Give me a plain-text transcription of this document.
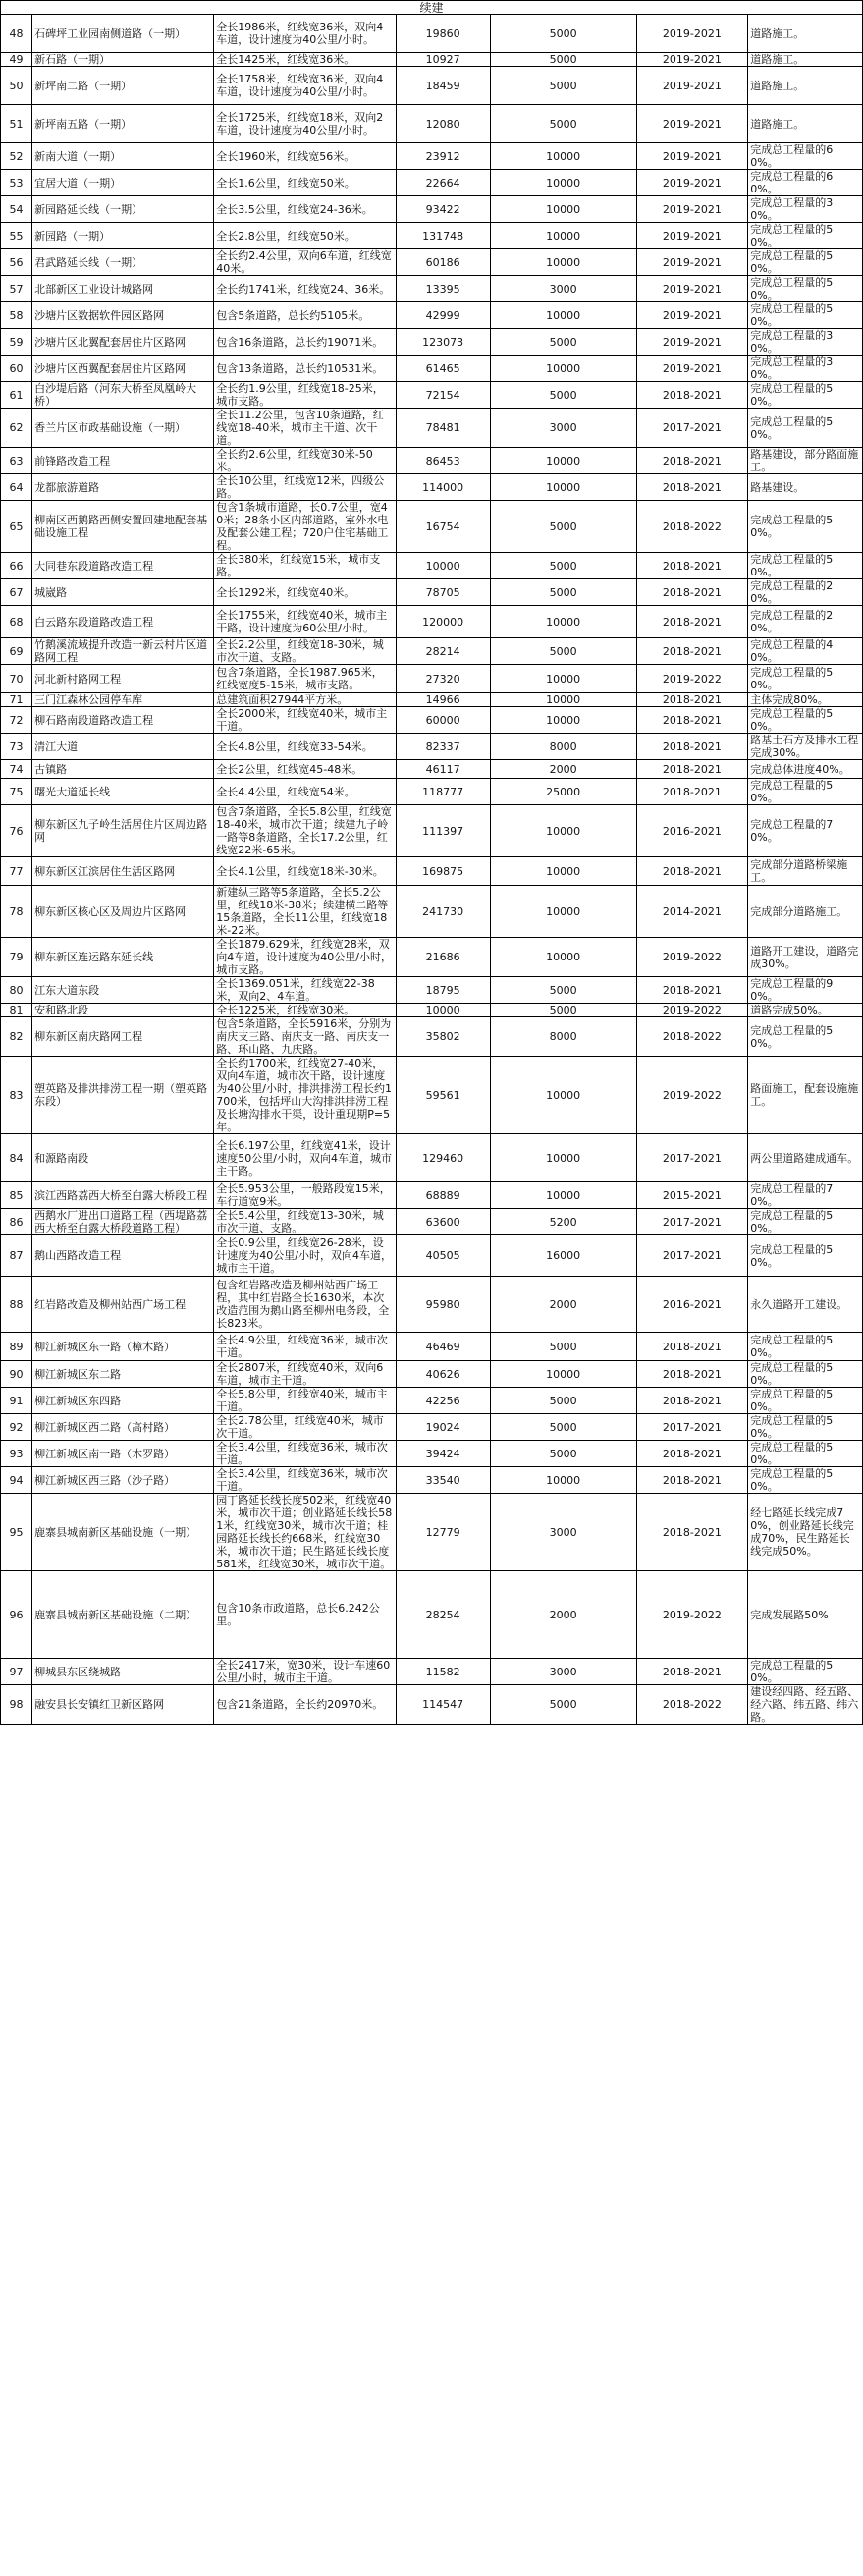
续建
48	石碑坪工业园南侧道路（一期）	全长1986米，红线宽36米，双向4车道，设计速度为40公里/小时。	19860	5000	2019-2021	道路施工。
49	新石路（一期）	全长1425米，红线宽36米。	10927	5000	2019-2021	道路施工。
50	新坪南二路（一期）	全长1758米，红线宽36米，双向4车道，设计速度为40公里/小时。	18459	5000	2019-2021	道路施工。
51	新坪南五路（一期）	全长1725米，红线宽18米，双向2车道，设计速度为40公里/小时。	12080	5000	2019-2021	道路施工。
52	新南大道（一期）	全长1960米，红线宽56米。	23912	10000	2019-2021	完成总工程量的60%。
53	宜居大道（一期）	全长1.6公里，红线宽50米。	22664	10000	2019-2021	完成总工程量的60%。
54	新园路延长线（一期）	全长3.5公里，红线宽24-36米。	93422	10000	2019-2021	完成总工程量的30%。
55	新园路（一期）	全长2.8公里，红线宽50米。	131748	10000	2019-2021	完成总工程量的50%。
56	君武路延长线（一期）	全长约2.4公里，双向6车道，红线宽40米。	60186	10000	2019-2021	完成总工程量的50%。
57	北部新区工业设计城路网	全长约1741米，红线宽24、36米。	13395	3000	2019-2021	完成总工程量的50%。
58	沙塘片区数据软件园区路网	包含5条道路，总长约5105米。	42999	10000	2019-2021	完成总工程量的50%。
59	沙塘片区北翼配套居住片区路网	包含16条道路，总长约19071米。	123073	5000	2019-2021	完成总工程量的30%。
60	沙塘片区西翼配套居住片区路网	包含13条道路，总长约10531米。	61465	10000	2019-2021	完成总工程量的30%。
61	白沙堤后路（河东大桥至凤凰岭大桥）	全长约1.9公里，红线宽18-25米，城市支路。	72154	5000	2018-2021	完成总工程量的50%。
62	香兰片区市政基础设施（一期）	全长11.2公里，包含10条道路，红线宽18-40米，城市主干道、次干道。	78481	3000	2017-2021	完成总工程量的50%。
63	前锋路改造工程	全长约2.6公里，红线宽30米-50米。	86453	10000	2018-2021	路基建设，部分路面施工。
64	龙都旅游道路	全长10公里，红线宽12米，四级公路。	114000	10000	2018-2021	路基建设。
65	柳南区西鹅路西侧安置回建地配套基础设施工程	包含1条城市道路，长0.7公里，宽40米；28条小区内部道路，室外水电及配套公建工程；720户住宅基础工程。	16754	5000	2018-2022	完成总工程量的50%。
66	大同巷东段道路改造工程	全长380米，红线宽15米，城市支路。	10000	5000	2018-2021	完成总工程量的50%。
67	城崴路	全长1292米，红线宽40米。	78705	5000	2018-2021	完成总工程量的20%。
68	白云路东段道路改造工程	全长1755米，红线宽40米，城市主干路，设计速度为60公里/小时。	120000	10000	2018-2021	完成总工程量的20%。
69	竹鹅溪流域提升改造一新云村片区道路网工程	全长2.2公里，红线宽18-30米，城市次干道、支路。	28214	5000	2018-2021	完成总工程量的40%。
70	河北新村路网工程	包含7条道路，全长1987.965米，红线宽度5-15米，城市支路。	27320	10000	2019-2022	完成总工程量的50%。
71	三门江森林公园停车库	总建筑面积27944平方米。	14966	10000	2018-2021	主体完成80%。
72	柳石路南段道路改造工程	全长2000米，红线宽40米，城市主干道。	60000	10000	2018-2021	完成总工程量的50%。
73	清江大道	全长4.8公里，红线宽33-54米。	82337	8000	2018-2021	路基土石方及排水工程完成30%。
74	古镇路	全长2公里，红线宽45-48米。	46117	2000	2018-2021	完成总体进度40%。
75	曙光大道延长线	全长4.4公里，红线宽54米。	118777	25000	2018-2021	完成总工程量的50%。
76	柳东新区九子岭生活居住片区周边路网	包含7条道路，全长5.8公里，红线宽18-40米，城市次干道；续建九子岭一路等8条道路，全长17.2公里，红线宽22米-65米。	111397	10000	2016-2021	完成总工程量的70%。
77	柳东新区江滨居住生活区路网	全长4.1公里，红线宽18米-30米。	169875	10000	2018-2021	完成部分道路桥梁施工。
78	柳东新区核心区及周边片区路网	新建纵三路等5条道路，全长5.2公里，红线18米-38米；续建横二路等15条道路，全长11公里，红线宽18米-22米。	241730	10000	2014-2021	完成部分道路施工。
79	柳东新区连运路东延长线	全长1879.629米，红线宽28米，双向4车道，设计速度为40公里/小时，城市支路。	21686	10000	2019-2022	道路开工建设，道路完成30%。
80	江东大道东段	全长1369.051米，红线宽22-38米，双向2、4车道。	18795	5000	2018-2021	完成总工程量的90%。
81	安和路北段	全长1225米，红线宽30米。	10000	5000	2019-2022	道路完成50%。
82	柳东新区南庆路网工程	包含5条道路，全长5916米，分别为南庆支三路、南庆支一路、南庆支一路、环山路、九庆路。	35802	8000	2018-2022	完成总工程量的50%。
83	塑英路及排洪排涝工程一期（塑英路东段）	全长约1700米，红线宽27-40米，双向4车道，城市次干路，设计速度为40公里/小时，排洪排涝工程长约1700米，包括坪山大沟排洪排涝工程及长塘沟排水干渠，设计重现期P=5年。	59561	10000	2019-2022	路面施工，配套设施施工。
84	和源路南段	全长6.197公里，红线宽41米，设计速度50公里/小时，双向4车道，城市主干路。	129460	10000	2017-2021	两公里道路建成通车。
85	滨江西路荔西大桥至白露大桥段工程	全长5.953公里，一般路段宽15米，车行道宽9米。	68889	10000	2015-2021	完成总工程量的70%。
86	西鹅水厂进出口道路工程（西堤路荔西大桥至白露大桥段道路工程）	全长5.4公里，红线宽13-30米，城市次干道、支路。	63600	5200	2017-2021	完成总工程量的50%。
87	鹅山西路改造工程	全长0.9公里，红线宽26-28米，设计速度为40公里/小时，双向4车道，城市主干道。	40505	16000	2017-2021	完成总工程量的50%。
88	红岩路改造及柳州站西广场工程	包含红岩路改造及柳州站西广场工程，其中红岩路全长1630米，本次改造范围为鹅山路至柳州电务段，全长823米。	95980	2000	2016-2021	永久道路开工建设。
89	柳江新城区东一路（樟木路）	全长4.9公里，红线宽36米，城市次干道。	46469	5000	2018-2021	完成总工程量的50%。
90	柳江新城区东二路	全长2807米，红线宽40米，双向6车道，城市主干道。	40626	10000	2018-2021	完成总工程量的50%。
91	柳江新城区东四路	全长5.8公里，红线宽40米，城市主干道。	42256	5000	2018-2021	完成总工程量的50%。
92	柳江新城区西二路（高村路）	全长2.78公里，红线宽40米，城市次干道。	19024	5000	2017-2021	完成总工程量的50%。
93	柳江新城区南一路（木罗路）	全长3.4公里，红线宽36米，城市次干道。	39424	5000	2018-2021	完成总工程量的50%。
94	柳江新城区西三路（沙子路）	全长3.4公里，红线宽36米，城市次干道。	33540	10000	2018-2021	完成总工程量的50%。
95	鹿寨县城南新区基础设施（一期）	园丁路延长线长度502米，红线宽40米，城市次干道；创业路延长线长581米，红线宽30米，城市次干道；桂园路延长线长约668米，红线宽30米，城市次干道；民生路延长线长度581米，红线宽30米，城市次干道。	12779	3000	2018-2021	经七路延长线完成70%，创业路延长线完成70%，民生路延长线完成50%。
96	鹿寨县城南新区基础设施（二期）	包含10条市政道路，总长6.242公里。	28254	2000	2019-2022	完成发展路50%
97	柳城县东区绕城路	全长2417米，宽30米，设计车速60公里/小时，城市主干道。	11582	3000	2018-2021	完成总工程量的50%。
98	融安县长安镇红卫新区路网	包含21条道路，全长约20970米。	114547	5000	2018-2022	建设经四路、经五路、经六路、纬五路、纬六路。
